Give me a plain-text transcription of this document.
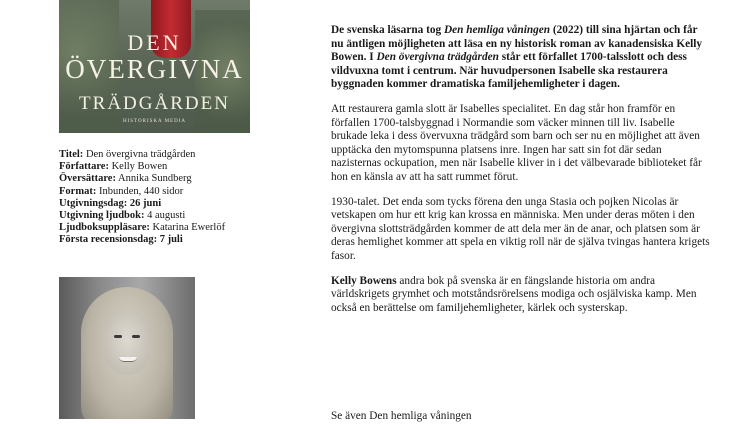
DEN
ÖVERGIVNA
TRÄDGÅRDEN
HISTORISKA MEDIA
Titel: Den övergivna trädgården
Författare: Kelly Bowen
Översättare: Annika Sundberg
Format: Inbunden, 440 sidor
Utgivningsdag: 26 juni
Utgivning ljudbok: 4 augusti
Ljudboksuppläsare: Katarina Ewerlöf
Första recensionsdag: 7 juli

De svenska läsarna tog Den hemliga våningen (2022) till sina hjärtan och får nu äntligen möjligheten att läsa en ny historisk roman av kanadensiska Kelly Bowen. I Den övergivna trädgården står ett förfallet 1700-talsslott och dess vildvuxna tomt i centrum. När huvudpersonen Isabelle ska restaurera byggnaden kommer dramatiska familjehemligheter i dagen.

Att restaurera gamla slott är Isabelles specialitet. En dag står hon framför en förfallen 1700-talsbyggnad i Normandie som väcker minnen till liv. Isabelle brukade leka i dess övervuxna trädgård som barn och ser nu en möjlighet att även upptäcka den mytomspunna platsens inre. Ingen har satt sin fot där sedan nazisternas ockupation, men när Isabelle kliver in i det välbevarade biblioteket får hon en känsla av att ha satt rummet förut.

1930-talet. Det enda som tycks förena den unga Stasia och pojken Nicolas är vetskapen om hur ett krig kan krossa en människa. Men under deras möten i den övergivna slottsträdgården kommer de att dela mer än de anar, och platsen som är deras hemlighet kommer att spela en viktig roll när de själva tvingas hantera krigets fasor.

Kelly Bowens andra bok på svenska är en fängslande historia om andra världskrigets grymhet och motståndsrörelsens modiga och osjälviska kamp. Men också en berättelse om familjehemligheter, kärlek och systerskap.

Se även Den hemliga våningen
